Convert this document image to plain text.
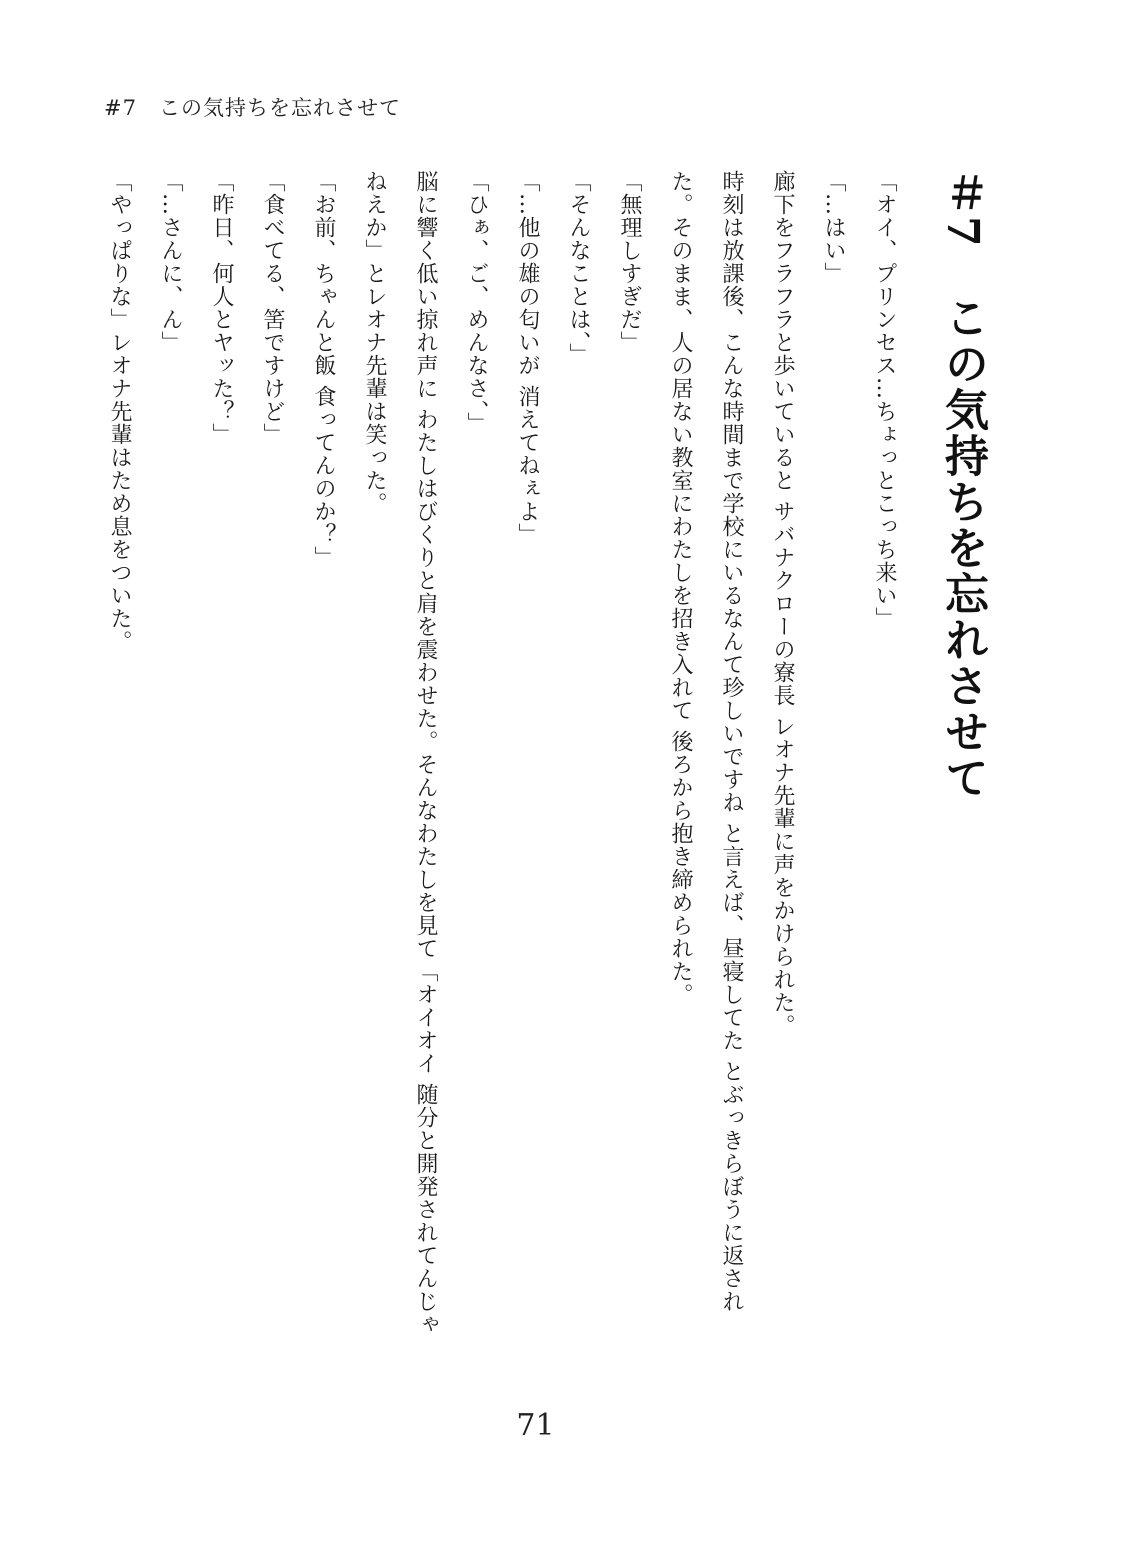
#7　この気持ちを忘れさせて
＃7　この気持ちを忘れさせて

「オイ、プリンセス…ちょっとこっち来い」

「…はい」

廊下をフラフラと歩いていると サバナクローの寮長 レオナ先輩に声をかけられた。

時刻は放課後、こんな時間まで学校にいるなんて珍しいですね と言えば、昼寝してた とぶっきらぼうに返され

た。そのまま、人の居ない教室にわたしを招き入れて 後ろから抱き締められた。

「無理しすぎだ」

「そんなことは、」

「…他の雄の匂いが 消えてねぇよ」

「ひぁ、ご、めんなさ、」

脳に響く低い掠れ声に わたしはびくりと肩を震わせた。そんなわたしを見て「オイオイ 随分と開発されてんじゃ

ねえか」とレオナ先輩は笑った。

「お前、ちゃんと飯 食ってんのか？」

「食べてる、筈ですけど」

「昨日、何人とヤッた？」

「…さんに、ん」

「やっぱりな」レオナ先輩はため息をついた。

71
